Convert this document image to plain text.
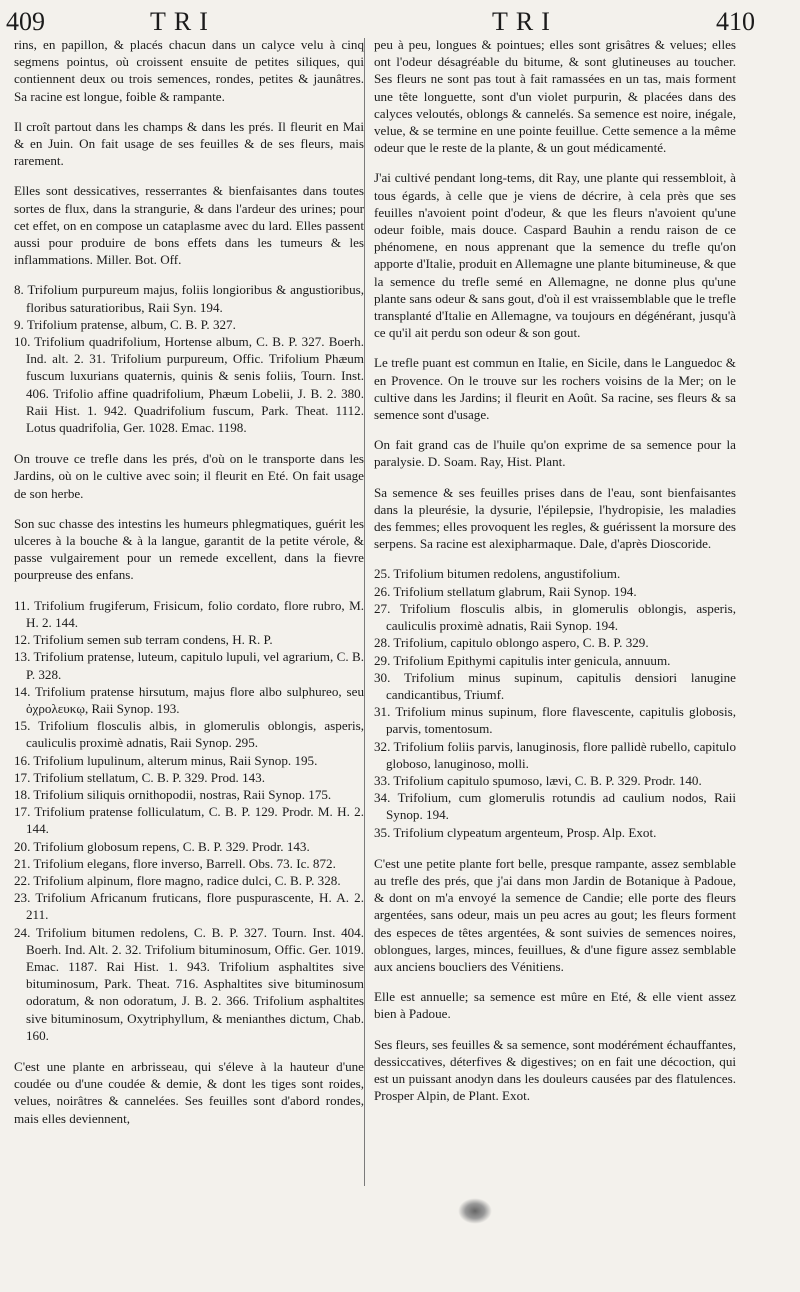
409	TRI	TRI	410

rins, en papillon, & placés chacun dans un calyce velu à cinq segmens pointus, où croissent ensuite de petites siliques, qui contiennent deux ou trois semences, rondes, petites & jaunâtres. Sa racine est longue, foible & rampante.

Il croît partout dans les champs & dans les prés. Il fleurit en Mai & en Juin. On fait usage de ses feuilles & de ses fleurs, mais rarement.

Elles sont dessicatives, resserrantes & bienfaisantes dans toutes sortes de flux, dans la strangurie, & dans l'ardeur des urines; pour cet effet, on en compose un cataplasme avec du lard. Elles passent aussi pour produire de bons effets dans les tumeurs & les inflammations. Miller. Bot. Off.

8. Trifolium purpureum majus, foliis longioribus & angustioribus, floribus saturatioribus, Raii Syn. 194.

9. Trifolium pratense, album, C. B. P. 327.

10. Trifolium quadrifolium, Hortense album, C. B. P. 327. Boerh. Ind. alt. 2. 31. Trifolium purpureum, Offic. Trifolium Phæum fuscum luxurians quaternis, quinis & senis foliis, Tourn. Inst. 406. Trifolio affine quadrifolium, Phæum Lobelii, J. B. 2. 380. Raii Hist. 1. 942. Quadrifolium fuscum, Park. Theat. 1112. Lotus quadrifolia, Ger. 1028. Emac. 1198.

On trouve ce trefle dans les prés, d'où on le transporte dans les Jardins, où on le cultive avec soin; il fleurit en Eté. On fait usage de son herbe.

Son suc chasse des intestins les humeurs phlegmatiques, guérit les ulceres à la bouche & à la langue, garantit de la petite vérole, & passe vulgairement pour un remede excellent, dans la fievre pourpreuse des enfans.

11. Trifolium frugiferum, Frisicum, folio cordato, flore rubro, M. H. 2. 144.

12. Trifolium semen sub terram condens, H. R. P.

13. Trifolium pratense, luteum, capitulo lupuli, vel agrarium, C. B. P. 328.

14. Trifolium pratense hirsutum, majus flore albo sulphureo, seu ὀχρολευκῳ, Raii Synop. 193.

15. Trifolium flosculis albis, in glomerulis oblongis, asperis, cauliculis proximè adnatis, Raii Synop. 295.

16. Trifolium lupulinum, alterum minus, Raii Synop. 195.

17. Trifolium stellatum, C. B. P. 329. Prod. 143.

18. Trifolium siliquis ornithopodii, nostras, Raii Synop. 175.

17. Trifolium pratense folliculatum, C. B. P. 129. Prodr. M. H. 2. 144.

20. Trifolium globosum repens, C. B. P. 329. Prodr. 143.

21. Trifolium elegans, flore inverso, Barrell. Obs. 73. Ic. 872.

22. Trifolium alpinum, flore magno, radice dulci, C. B. P. 328.

23. Trifolium Africanum fruticans, flore puspurascente, H. A. 2. 211.

24. Trifolium bitumen redolens, C. B. P. 327. Tourn. Inst. 404. Boerh. Ind. Alt. 2. 32. Trifolium bituminosum, Offic. Ger. 1019. Emac. 1187. Rai Hist. 1. 943. Trifolium asphaltites sive bituminosum, Park. Theat. 716. Asphaltites sive bituminosum odoratum, & non odoratum, J. B. 2. 366. Trifolium asphaltites sive bituminosum, Oxytriphyllum, & menianthes dictum, Chab. 160.

C'est une plante en arbrisseau, qui s'éleve à la hauteur d'une coudée ou d'une coudée & demie, & dont les tiges sont roides, velues, noirâtres & cannelées. Ses feuilles sont d'abord rondes, mais elles deviennent,

peu à peu, longues & pointues; elles sont grisâtres & velues; elles ont l'odeur désagréable du bitume, & sont glutineuses au toucher. Ses fleurs ne sont pas tout à fait ramassées en un tas, mais forment une tête longuette, sont d'un violet purpurin, & placées dans des calyces veloutés, oblongs & cannelés. Sa semence est noire, inégale, velue, & se termine en une pointe feuillue. Cette semence a la même odeur que le reste de la plante, & un gout médicamenté.

J'ai cultivé pendant long-tems, dit Ray, une plante qui ressembloit, à tous égards, à celle que je viens de décrire, à cela près que ses feuilles n'avoient point d'odeur, & que les fleurs n'avoient qu'une odeur foible, mais douce. Caspard Bauhin a rendu raison de ce phénomene, en nous apprenant que la semence du trefle qu'on apporte d'Italie, produit en Allemagne une plante bitumineuse, & que la semence du trefle semé en Allemagne, ne donne plus qu'une plante sans odeur & sans gout, d'où il est vraissemblable que le trefle transplanté d'Italie en Allemagne, va toujours en dégénérant, jusqu'à ce qu'il ait perdu son odeur & son gout.

Le trefle puant est commun en Italie, en Sicile, dans le Languedoc & en Provence. On le trouve sur les rochers voisins de la Mer; on le cultive dans les Jardins; il fleurit en Août. Sa racine, ses fleurs & sa semence sont d'usage.

On fait grand cas de l'huile qu'on exprime de sa semence pour la paralysie. D. Soam. Ray, Hist. Plant.

Sa semence & ses feuilles prises dans de l'eau, sont bienfaisantes dans la pleurésie, la dysurie, l'épilepsie, l'hydropisie, les maladies des femmes; elles provoquent les regles, & guérissent la morsure des serpens. Sa racine est alexipharmaque. Dale, d'après Dioscoride.

25. Trifolium bitumen redolens, angustifolium.

26. Trifolium stellatum glabrum, Raii Synop. 194.

27. Trifolium flosculis albis, in glomerulis oblongis, asperis, cauliculis proximè adnatis, Raii Synop. 194.

28. Trifolium, capitulo oblongo aspero, C. B. P. 329.

29. Trifolium Epithymi capitulis inter genicula, annuum.

30. Trifolium minus supinum, capitulis densiori lanugine candicantibus, Triumf.

31. Trifolium minus supinum, flore flavescente, capitulis globosis, parvis, tomentosum.

32. Trifolium foliis parvis, lanuginosis, flore pallidè rubello, capitulo globoso, lanuginoso, molli.

33. Trifolium capitulo spumoso, lævi, C. B. P. 329. Prodr. 140.

34. Trifolium, cum glomerulis rotundis ad caulium nodos, Raii Synop. 194.

35. Trifolium clypeatum argenteum, Prosp. Alp. Exot.

C'est une petite plante fort belle, presque rampante, assez semblable au trefle des prés, que j'ai dans mon Jardin de Botanique à Padoue, & dont on m'a envoyé la semence de Candie; elle porte des fleurs argentées, sans odeur, mais un peu acres au gout; les fleurs forment des especes de têtes argentées, & sont suivies de semences noires, oblongues, larges, minces, feuillues, & d'une figure assez semblable aux anciens boucliers des Vénitiens.

Elle est annuelle; sa semence est mûre en Eté, & elle vient assez bien à Padoue.

Ses fleurs, ses feuilles & sa semence, sont modérément échauffantes, dessiccatives, déterfives & digestives; on en fait une décoction, qui est un puissant anodyn dans les douleurs causées par des flatulences. Prosper Alpin, de Plant. Exot.
